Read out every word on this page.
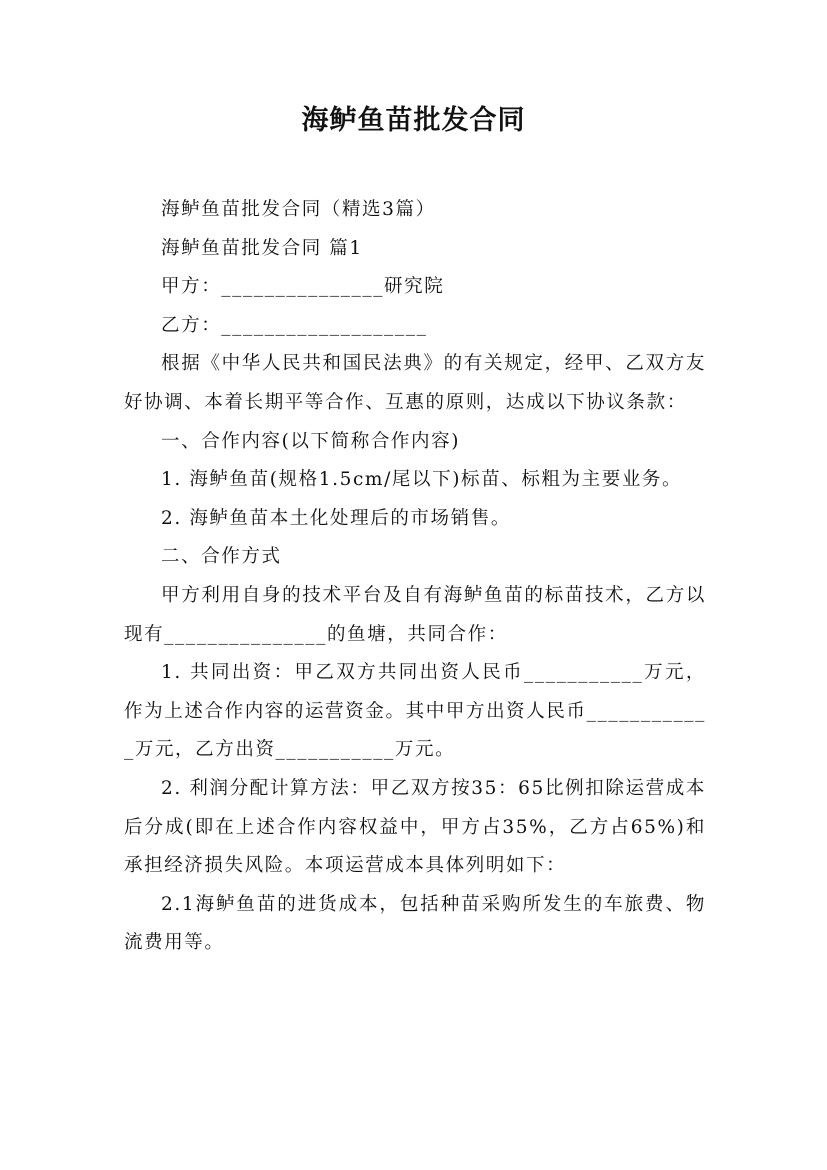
海鲈鱼苗批发合同

海鲈鱼苗批发合同（精选3篇）

海鲈鱼苗批发合同 篇1

甲方：_______________研究院

乙方：___________________

根据《中华人民共和国民法典》的有关规定，经甲、乙双方友好协调、本着长期平等合作、互惠的原则，达成以下协议条款：

一、合作内容(以下简称合作内容)

1. 海鲈鱼苗(规格1.5cm/尾以下)标苗、标粗为主要业务。

2. 海鲈鱼苗本土化处理后的市场销售。

二、合作方式

甲方利用自身的技术平台及自有海鲈鱼苗的标苗技术，乙方以现有_______________的鱼塘，共同合作：

1. 共同出资：甲乙双方共同出资人民币___________万元，作为上述合作内容的运营资金。其中甲方出资人民币____________万元，乙方出资___________万元。

2. 利润分配计算方法：甲乙双方按35：65比例扣除运营成本后分成(即在上述合作内容权益中，甲方占35%，乙方占65%)和承担经济损失风险。本项运营成本具体列明如下：

2.1海鲈鱼苗的进货成本，包括种苗采购所发生的车旅费、物流费用等。
